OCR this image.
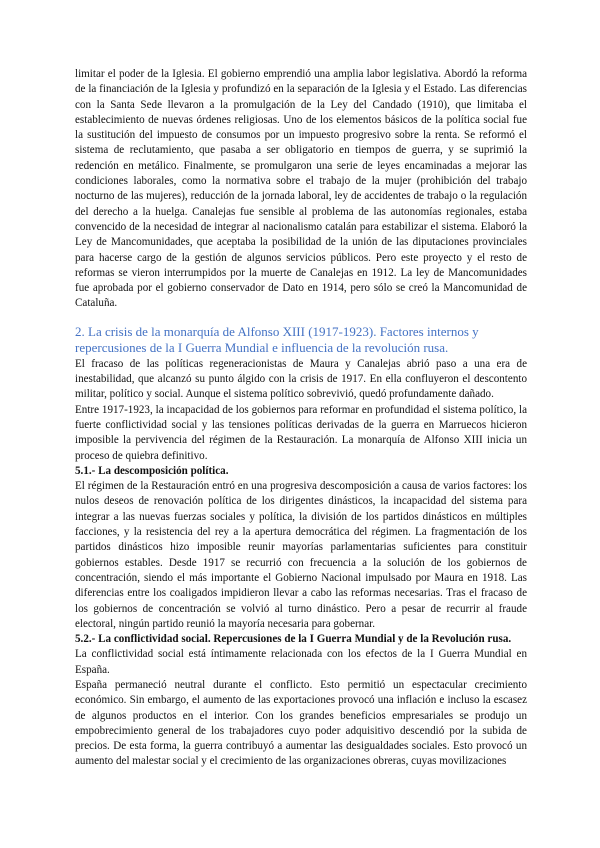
limitar el poder de la Iglesia. El gobierno emprendió una amplia labor legislativa. Abordó la reforma de la financiación de la Iglesia y profundizó en la separación de la Iglesia y el Estado. Las diferencias con la Santa Sede llevaron a la promulgación de la Ley del Candado (1910), que limitaba el establecimiento de nuevas órdenes religiosas. Uno de los elementos básicos de la política social fue la sustitución del impuesto de consumos por un impuesto progresivo sobre la renta. Se reformó el sistema de reclutamiento, que pasaba a ser obligatorio en tiempos de guerra, y se suprimió la redención en metálico. Finalmente, se promulgaron una serie de leyes encaminadas a mejorar las condiciones laborales, como la normativa sobre el trabajo de la mujer (prohibición del trabajo nocturno de las mujeres), reducción de la jornada laboral, ley de accidentes de trabajo o la regulación del derecho a la huelga. Canalejas fue sensible al problema de las autonomías regionales, estaba convencido de la necesidad de integrar al nacionalismo catalán para estabilizar el sistema. Elaboró la Ley de Mancomunidades, que aceptaba la posibilidad de la unión de las diputaciones provinciales para hacerse cargo de la gestión de algunos servicios públicos. Pero este proyecto y el resto de reformas se vieron interrumpidos por la muerte de Canalejas en 1912. La ley de Mancomunidades fue aprobada por el gobierno conservador de Dato en 1914, pero sólo se creó la Mancomunidad de Cataluña.

2. La crisis de la monarquía de Alfonso XIII (1917-1923). Factores internos y repercusiones de la I Guerra Mundial e influencia de la revolución rusa.

El fracaso de las políticas regeneracionistas de Maura y Canalejas abrió paso a una era de inestabilidad, que alcanzó su punto álgido con la crisis de 1917. En ella confluyeron el descontento militar, político y social. Aunque el sistema político sobrevivió, quedó profundamente dañado.

Entre 1917-1923, la incapacidad de los gobiernos para reformar en profundidad el sistema político, la fuerte conflictividad social y las tensiones políticas derivadas de la guerra en Marruecos hicieron imposible la pervivencia del régimen de la Restauración. La monarquía de Alfonso XIII inicia un proceso de quiebra definitivo.

5.1.- La descomposición política.

El régimen de la Restauración entró en una progresiva descomposición a causa de varios factores: los nulos deseos de renovación política de los dirigentes dinásticos, la incapacidad del sistema para integrar a las nuevas fuerzas sociales y política, la división de los partidos dinásticos en múltiples facciones, y la resistencia del rey a la apertura democrática del régimen. La fragmentación de los partidos dinásticos hizo imposible reunir mayorías parlamentarias suficientes para constituir gobiernos estables. Desde 1917 se recurrió con frecuencia a la solución de los gobiernos de concentración, siendo el más importante el Gobierno Nacional impulsado por Maura en 1918. Las diferencias entre los coaligados impidieron llevar a cabo las reformas necesarias. Tras el fracaso de los gobiernos de concentración se volvió al turno dinástico. Pero a pesar de recurrir al fraude electoral, ningún partido reunió la mayoría necesaria para gobernar.

5.2.- La conflictividad social. Repercusiones de la I Guerra Mundial y de la Revolución rusa.

La conflictividad social está íntimamente relacionada con los efectos de la I Guerra Mundial en España.

España permaneció neutral durante el conflicto. Esto permitió un espectacular crecimiento económico. Sin embargo, el aumento de las exportaciones provocó una inflación e incluso la escasez de algunos productos en el interior. Con los grandes beneficios empresariales se produjo un empobrecimiento general de los trabajadores cuyo poder adquisitivo descendió por la subida de precios. De esta forma, la guerra contribuyó a aumentar las desigualdades sociales. Esto provocó un aumento del malestar social y el crecimiento de las organizaciones obreras, cuyas movilizaciones
